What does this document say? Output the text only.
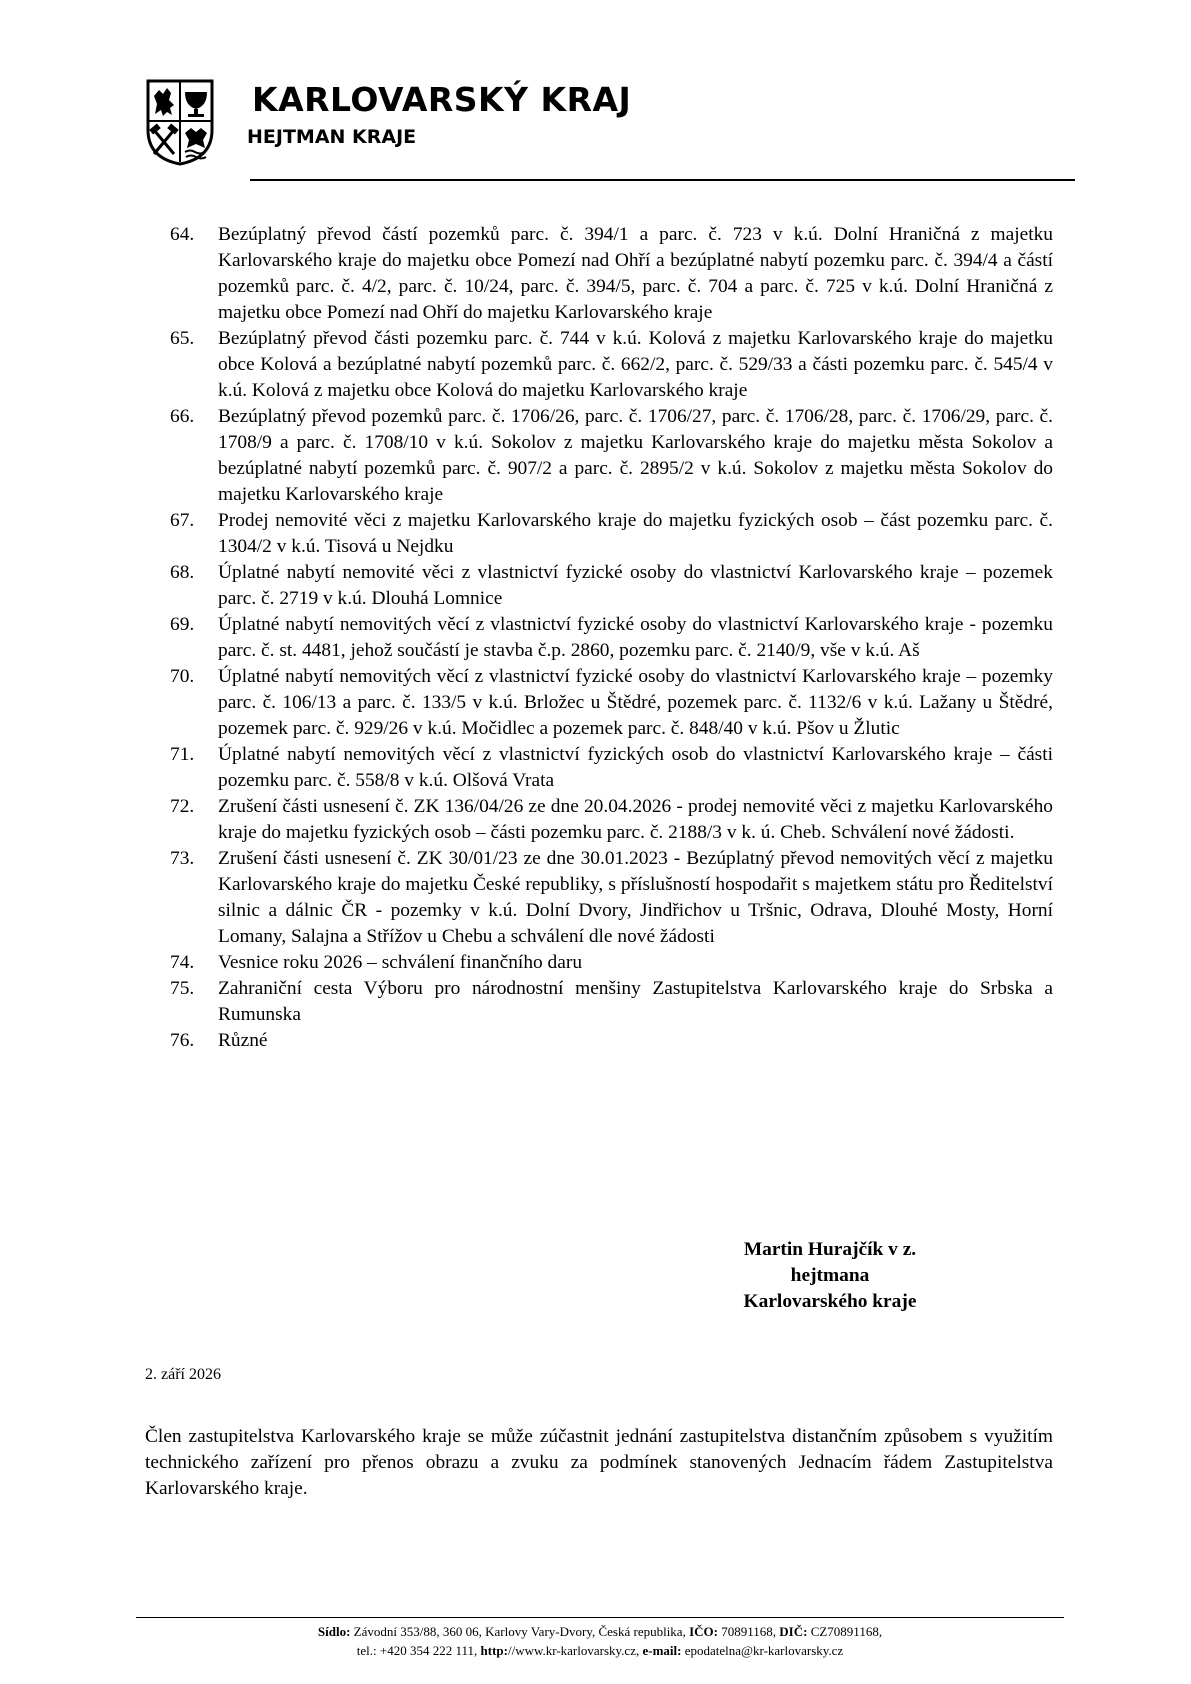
KARLOVARSKÝ KRAJ
HEJTMAN KRAJE
64. Bezúplatný převod částí pozemků parc. č. 394/1 a parc. č. 723 v k.ú. Dolní Hraničná z majetku Karlovarského kraje do majetku obce Pomezí nad Ohří a bezúplatné nabytí pozemku parc. č. 394/4 a částí pozemků parc. č. 4/2, parc. č. 10/24, parc. č. 394/5, parc. č. 704 a parc. č. 725 v k.ú. Dolní Hraničná z majetku obce Pomezí nad Ohří do majetku Karlovarského kraje
65. Bezúplatný převod části pozemku parc. č. 744 v k.ú. Kolová z majetku Karlovarského kraje do majetku obce Kolová a bezúplatné nabytí pozemků parc. č. 662/2, parc. č. 529/33 a části pozemku parc. č. 545/4 v k.ú. Kolová z majetku obce Kolová do majetku Karlovarského kraje
66. Bezúplatný převod pozemků parc. č. 1706/26, parc. č. 1706/27, parc. č. 1706/28, parc. č. 1706/29, parc. č. 1708/9 a parc. č. 1708/10 v k.ú. Sokolov z majetku Karlovarského kraje do majetku města Sokolov a bezúplatné nabytí pozemků parc. č. 907/2 a parc. č. 2895/2 v k.ú. Sokolov z majetku města Sokolov do majetku Karlovarského kraje
67. Prodej nemovité věci z majetku Karlovarského kraje do majetku fyzických osob – část pozemku parc. č. 1304/2 v k.ú. Tisová u Nejdku
68. Úplatné nabytí nemovité věci z vlastnictví fyzické osoby do vlastnictví Karlovarského kraje – pozemek parc. č. 2719 v k.ú. Dlouhá Lomnice
69. Úplatné nabytí nemovitých věcí z vlastnictví fyzické osoby do vlastnictví Karlovarského kraje - pozemku parc. č. st. 4481, jehož součástí je stavba č.p. 2860, pozemku parc. č. 2140/9, vše v k.ú. Aš
70. Úplatné nabytí nemovitých věcí z vlastnictví fyzické osoby do vlastnictví Karlovarského kraje – pozemky parc. č. 106/13 a parc. č. 133/5 v k.ú. Brložec u Štědré, pozemek parc. č. 1132/6 v k.ú. Lažany u Štědré, pozemek parc. č. 929/26 v k.ú. Močidlec a pozemek parc. č. 848/40 v k.ú. Pšov u Žlutic
71. Úplatné nabytí nemovitých věcí z vlastnictví fyzických osob do vlastnictví Karlovarského kraje – části pozemku parc. č. 558/8 v k.ú. Olšová Vrata
72. Zrušení části usnesení č. ZK 136/04/26 ze dne 20.04.2026 - prodej nemovité věci z majetku Karlovarského kraje do majetku fyzických osob – části pozemku parc. č. 2188/3 v k. ú. Cheb. Schválení nové žádosti.
73. Zrušení části usnesení č. ZK 30/01/23 ze dne 30.01.2023 - Bezúplatný převod nemovitých věcí z majetku Karlovarského kraje do majetku České republiky, s příslušností hospodařit s majetkem státu pro Ředitelství silnic a dálnic ČR - pozemky v k.ú. Dolní Dvory, Jindřichov u Tršnic, Odrava, Dlouhé Mosty, Horní Lomany, Salajna a Střížov u Chebu a schválení dle nové žádosti
74. Vesnice roku 2026 – schválení finančního daru
75. Zahraniční cesta Výboru pro národnostní menšiny Zastupitelstva Karlovarského kraje do Srbska a Rumunska
76. Různé
Martin Hurajčík v z.
hejtmana
Karlovarského kraje
2. září 2026
Člen zastupitelstva Karlovarského kraje se může zúčastnit jednání zastupitelstva distančním způsobem s využitím technického zařízení pro přenos obrazu a zvuku za podmínek stanovených Jednacím řádem Zastupitelstva Karlovarského kraje.
Sídlo: Závodní 353/88, 360 06, Karlovy Vary-Dvory, Česká republika, IČO: 70891168, DIČ: CZ70891168,
tel.: +420 354 222 111, http://www.kr-karlovarsky.cz, e-mail: epodatelna@kr-karlovarsky.cz
